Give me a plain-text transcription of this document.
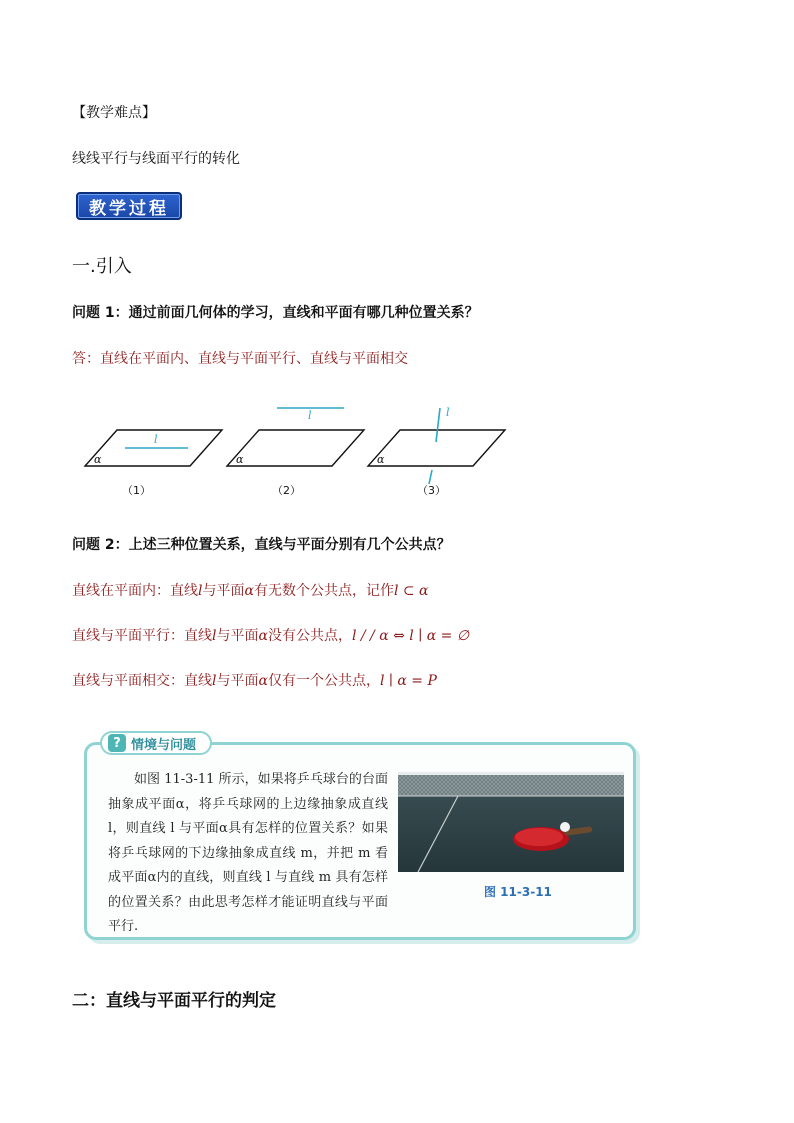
【教学难点】
线线平行与线面平行的转化
教学过程
一.引入
问题 1：通过前面几何体的学习，直线和平面有哪几种位置关系？
答：直线在平面内、直线与平面平行、直线与平面相交
l
α
（1）
l
α
（2）
l
α
（3）
问题 2：上述三种位置关系，直线与平面分别有几个公共点？
直线在平面内：直线l与平面α有无数个公共点，记作l ⊂ α
直线与平面平行：直线l与平面α没有公共点，l / / α ⇔ l ∣ α = ∅
直线与平面相交：直线l与平面α仅有一个公共点，l ∣ α = P
? 情境与问题

如图 11-3-11 所示，如果将乒乓球台的台面抽象成平面α，将乒乓球网的上边缘抽象成直线 l，则直线 l 与平面α具有怎样的位置关系？如果将乒乓球网的下边缘抽象成直线 m，并把 m 看成平面α内的直线，则直线 l 与直线 m 具有怎样的位置关系？由此思考怎样才能证明直线与平面平行.

图 11-3-11
二：直线与平面平行的判定
